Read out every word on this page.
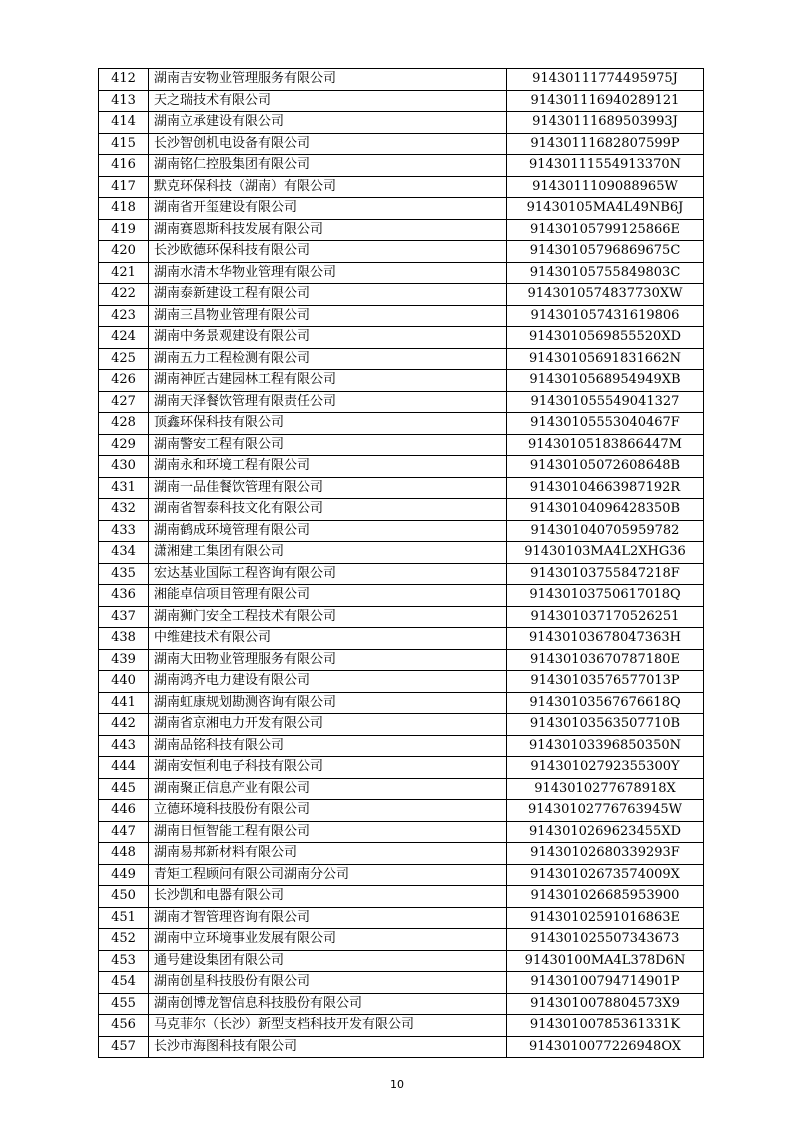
412	湖南吉安物业管理服务有限公司	91430111774495975J
413	天之瑞技术有限公司	914301116940289121
414	湖南立承建设有限公司	91430111689503993J
415	长沙智创机电设备有限公司	91430111682807599P
416	湖南铭仁控股集团有限公司	91430111554913370N
417	默克环保科技（湖南）有限公司	9143011109088965W
418	湖南省开玺建设有限公司	91430105MA4L49NB6J
419	湖南赛恩斯科技发展有限公司	91430105799125866E
420	长沙欧德环保科技有限公司	91430105796869675C
421	湖南水清木华物业管理有限公司	91430105755849803C
422	湖南泰新建设工程有限公司	9143010574837730XW
423	湖南三昌物业管理有限公司	914301057431619806
424	湖南中务景观建设有限公司	9143010569855520XD
425	湖南五力工程检测有限公司	91430105691831662N
426	湖南神匠古建园林工程有限公司	9143010568954949XB
427	湖南天泽餐饮管理有限责任公司	914301055549041327
428	顶鑫环保科技有限公司	91430105553040467F
429	湖南警安工程有限公司	91430105183866447M
430	湖南永和环境工程有限公司	91430105072608648B
431	湖南一品佳餐饮管理有限公司	91430104663987192R
432	湖南省智泰科技文化有限公司	91430104096428350B
433	湖南鹤成环境管理有限公司	914301040705959782
434	潇湘建工集团有限公司	91430103MA4L2XHG36
435	宏达基业国际工程咨询有限公司	91430103755847218F
436	湘能卓信项目管理有限公司	91430103750617018Q
437	湖南狮门安全工程技术有限公司	914301037170526251
438	中维建技术有限公司	91430103678047363H
439	湖南大田物业管理服务有限公司	91430103670787180E
440	湖南鸿齐电力建设有限公司	91430103576577013P
441	湖南虹康规划勘测咨询有限公司	91430103567676618Q
442	湖南省京湘电力开发有限公司	91430103563507710B
443	湖南品铭科技有限公司	91430103396850350N
444	湖南安恒利电子科技有限公司	91430102792355300Y
445	湖南聚正信息产业有限公司	9143010277678918X
446	立德环境科技股份有限公司	91430102776763945W
447	湖南日恒智能工程有限公司	9143010269623455XD
448	湖南易邦新材料有限公司	91430102680339293F
449	青矩工程顾问有限公司湖南分公司	91430102673574009X
450	长沙凯和电器有限公司	914301026685953900
451	湖南才智管理咨询有限公司	91430102591016863E
452	湖南中立环境事业发展有限公司	914301025507343673
453	通号建设集团有限公司	91430100MA4L378D6N
454	湖南创星科技股份有限公司	91430100794714901P
455	湖南创博龙智信息科技股份有限公司	9143010078804573X9
456	马克菲尔（长沙）新型支档科技开发有限公司	91430100785361331K
457	长沙市海图科技有限公司	9143010077226948OX
10
